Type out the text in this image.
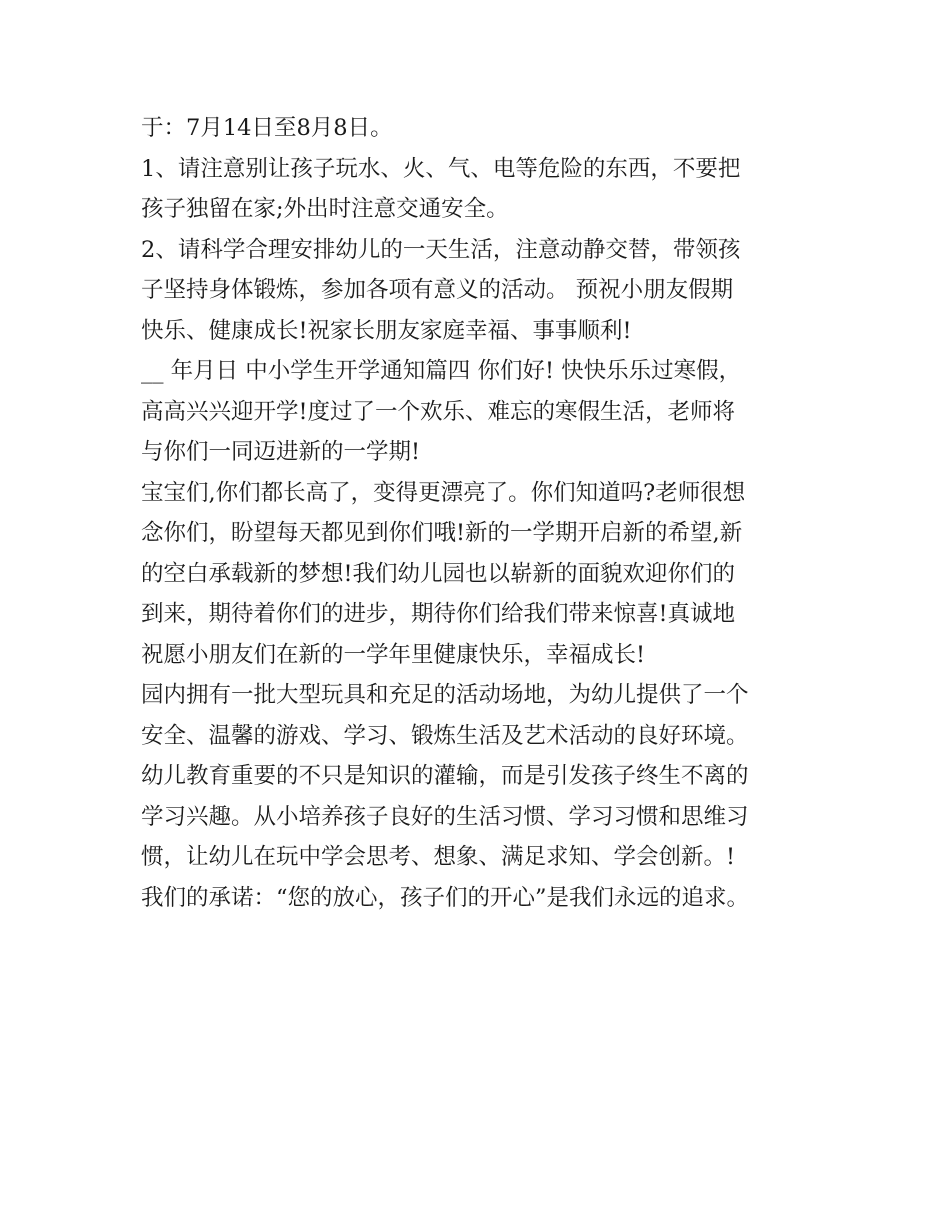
于：7月14日至8月8日。

1、请注意别让孩子玩水、火、气、电等危险的东西，不要把

孩子独留在家;外出时注意交通安全。

2、请科学合理安排幼儿的一天生活，注意动静交替，带领孩

子坚持身体锻炼，参加各项有意义的活动。 预祝小朋友假期

快乐、健康成长!祝家长朋友家庭幸福、事事顺利!

__ 年月日 中小学生开学通知篇四 你们好! 快快乐乐过寒假，

高高兴兴迎开学!度过了一个欢乐、难忘的寒假生活，老师将

与你们一同迈进新的一学期!

宝宝们,你们都长高了，变得更漂亮了。你们知道吗?老师很想

念你们，盼望每天都见到你们哦!新的一学期开启新的希望,新

的空白承载新的梦想!我们幼儿园也以崭新的面貌欢迎你们的

到来，期待着你们的进步，期待你们给我们带来惊喜!真诚地

祝愿小朋友们在新的一学年里健康快乐，幸福成长!

园内拥有一批大型玩具和充足的活动场地，为幼儿提供了一个

安全、温馨的游戏、学习、锻炼生活及艺术活动的良好环境。

幼儿教育重要的不只是知识的灌输，而是引发孩子终生不离的

学习兴趣。从小培养孩子良好的生活习惯、学习习惯和思维习

惯，让幼儿在玩中学会思考、想象、满足求知、学会创新。!

我们的承诺：“您的放心，孩子们的开心”是我们永远的追求。
